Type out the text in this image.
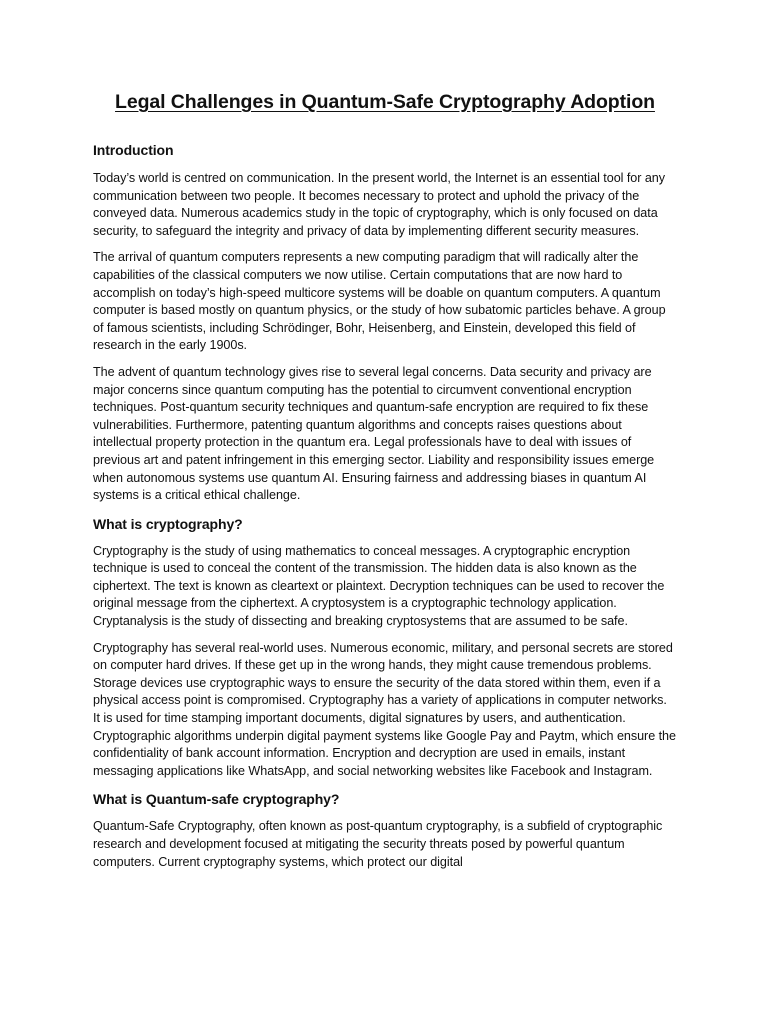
Legal Challenges in Quantum-Safe Cryptography Adoption
Introduction

Today’s world is centred on communication. In the present world, the Internet is an essential tool for any communication between two people. It becomes necessary to protect and uphold the privacy of the conveyed data. Numerous academics study in the topic of cryptography, which is only focused on data security, to safeguard the integrity and privacy of data by implementing different security measures.

The arrival of quantum computers represents a new computing paradigm that will radically alter the capabilities of the classical computers we now utilise. Certain computations that are now hard to accomplish on today’s high-speed multicore systems will be doable on quantum computers. A quantum computer is based mostly on quantum physics, or the study of how subatomic particles behave. A group of famous scientists, including Schrödinger, Bohr, Heisenberg, and Einstein, developed this field of research in the early 1900s.

The advent of quantum technology gives rise to several legal concerns. Data security and privacy are major concerns since quantum computing has the potential to circumvent conventional encryption techniques. Post-quantum security techniques and quantum-safe encryption are required to fix these vulnerabilities. Furthermore, patenting quantum algorithms and concepts raises questions about intellectual property protection in the quantum era. Legal professionals have to deal with issues of previous art and patent infringement in this emerging sector. Liability and responsibility issues emerge when autonomous systems use quantum AI. Ensuring fairness and addressing biases in quantum AI systems is a critical ethical challenge.

What is cryptography?

Cryptography is the study of using mathematics to conceal messages. A cryptographic encryption technique is used to conceal the content of the transmission. The hidden data is also known as the ciphertext. The text is known as cleartext or plaintext. Decryption techniques can be used to recover the original message from the ciphertext. A cryptosystem is a cryptographic technology application. Cryptanalysis is the study of dissecting and breaking cryptosystems that are assumed to be safe.

Cryptography has several real-world uses. Numerous economic, military, and personal secrets are stored on computer hard drives. If these get up in the wrong hands, they might cause tremendous problems. Storage devices use cryptographic ways to ensure the security of the data stored within them, even if a physical access point is compromised. Cryptography has a variety of applications in computer networks. It is used for time stamping important documents, digital signatures by users, and authentication. Cryptographic algorithms underpin digital payment systems like Google Pay and Paytm, which ensure the confidentiality of bank account information. Encryption and decryption are used in emails, instant messaging applications like WhatsApp, and social networking websites like Facebook and Instagram.

What is Quantum-safe cryptography?

Quantum-Safe Cryptography, often known as post-quantum cryptography, is a subfield of cryptographic research and development focused at mitigating the security threats posed by powerful quantum computers. Current cryptography systems, which protect our digital
